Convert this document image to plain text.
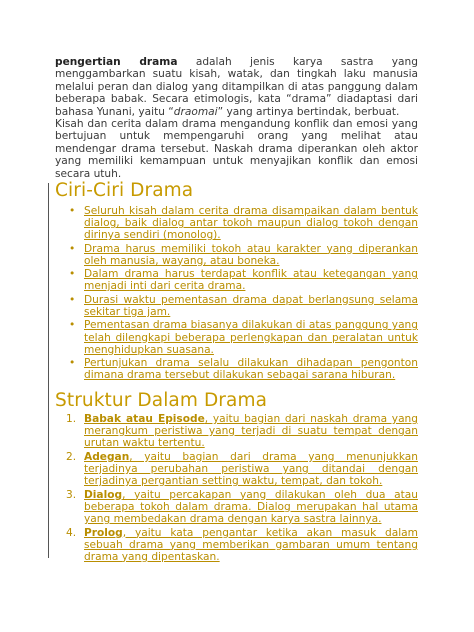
pengertian drama adalah jenis karya sastra yang menggambarkan suatu kisah, watak, dan tingkah laku manusia melalui peran dan dialog yang ditampilkan di atas panggung dalam beberapa babak. Secara etimologis, kata “drama” diadaptasi dari bahasa Yunani, yaitu “draomai” yang artinya bertindak, berbuat.

Kisah dan cerita dalam drama mengandung konflik dan emosi yang bertujuan untuk mempengaruhi orang yang melihat atau mendengar drama tersebut. Naskah drama diperankan oleh aktor yang memiliki kemampuan untuk menyajikan konflik dan emosi secara utuh.

Ciri-Ciri Drama
• Seluruh kisah dalam cerita drama disampaikan dalam bentuk dialog, baik dialog antar tokoh maupun dialog tokoh dengan dirinya sendiri (monolog).
• Drama harus memiliki tokoh atau karakter yang diperankan oleh manusia, wayang, atau boneka.
• Dalam drama harus terdapat konflik atau ketegangan yang menjadi inti dari cerita drama.
• Durasi waktu pementasan drama dapat berlangsung selama sekitar tiga jam.
• Pementasan drama biasanya dilakukan di atas panggung yang telah dilengkapi beberapa perlengkapan dan peralatan untuk menghidupkan suasana.
• Pertunjukan drama selalu dilakukan dihadapan pengonton dimana drama tersebut dilakukan sebagai sarana hiburan.
Struktur Dalam Drama
1. Babak atau Episode, yaitu bagian dari naskah drama yang merangkum peristiwa yang terjadi di suatu tempat dengan urutan waktu tertentu.
2. Adegan, yaitu bagian dari drama yang menunjukkan terjadinya perubahan peristiwa yang ditandai dengan terjadinya pergantian setting waktu, tempat, dan tokoh.
3. Dialog, yaitu percakapan yang dilakukan oleh dua atau beberapa tokoh dalam drama. Dialog merupakan hal utama yang membedakan drama dengan karya sastra lainnya.
4. Prolog, yaitu kata pengantar ketika akan masuk dalam sebuah drama yang memberikan gambaran umum tentang drama yang dipentaskan.
